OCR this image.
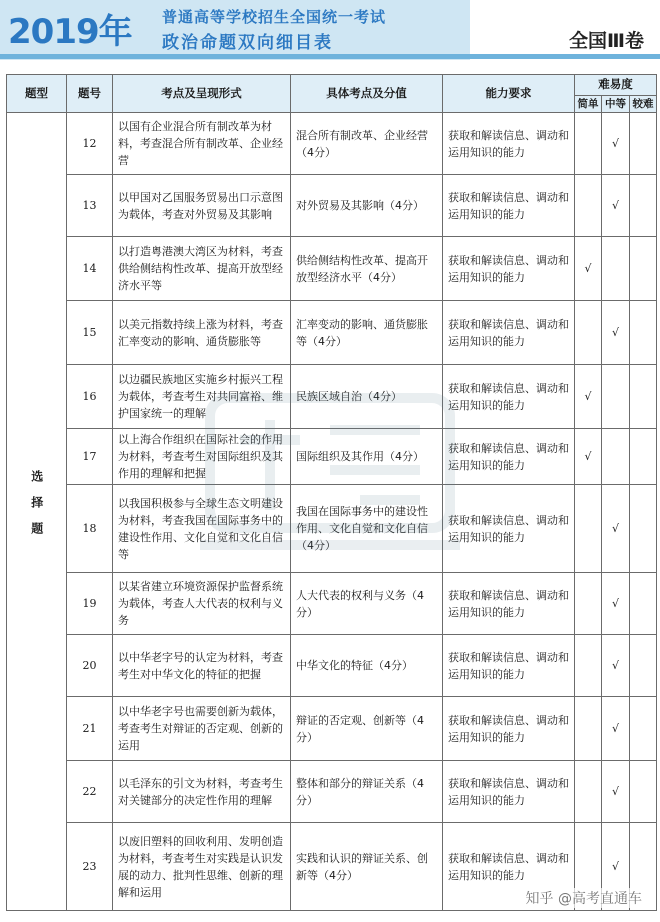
2019年 普通高等学校招生全国统一考试
政治命题双向细目表	全国Ⅲ卷
题型	题号	考点及呈现形式	具体考点及分值	能力要求	难易度		
					简单	中等	较难
选择题	12	以国有企业混合所有制改革为材料，考查混合所有制改革、企业经营	混合所有制改革、企业经营（4分）	获取和解读信息、调动和运用知识的能力		√	
	13	以甲国对乙国服务贸易出口示意图为载体，考查对外贸易及其影响	对外贸易及其影响（4分）	获取和解读信息、调动和运用知识的能力		√	
	14	以打造粤港澳大湾区为材料，考查供给侧结构性改革、提高开放型经济水平等	供给侧结构性改革、提高开放型经济水平（4分）	获取和解读信息、调动和运用知识的能力	√		
	15	以美元指数持续上涨为材料，考查汇率变动的影响、通货膨胀等	汇率变动的影响、通货膨胀等（4分）	获取和解读信息、调动和运用知识的能力		√	
	16	以边疆民族地区实施乡村振兴工程为载体，考查考生对共同富裕、维护国家统一的理解	民族区域自治（4分）	获取和解读信息、调动和运用知识的能力	√		
	17	以上海合作组织在国际社会的作用为材料，考查考生对国际组织及其作用的理解和把握	国际组织及其作用（4分）	获取和解读信息、调动和运用知识的能力	√		
	18	以我国积极参与全球生态文明建设为材料，考查我国在国际事务中的建设性作用、文化自觉和文化自信等	我国在国际事务中的建设性作用、文化自觉和文化自信（4分）	获取和解读信息、调动和运用知识的能力		√	
	19	以某省建立环境资源保护监督系统为载体，考查人大代表的权利与义务	人大代表的权利与义务（4分）	获取和解读信息、调动和运用知识的能力		√	
	20	以中华老字号的认定为材料，考查考生对中华文化的特征的把握	中华文化的特征（4分）	获取和解读信息、调动和运用知识的能力		√	
	21	以中华老字号也需要创新为载体，考查考生对辩证的否定观、创新的运用	辩证的否定观、创新等（4分）	获取和解读信息、调动和运用知识的能力		√	
	22	以毛泽东的引文为材料，考查考生对关键部分的决定性作用的理解	整体和部分的辩证关系（4分）	获取和解读信息、调动和运用知识的能力		√	
	23	以废旧塑料的回收利用、发明创造为材料，考查考生对实践是认识发展的动力、批判性思维、创新的理解和运用	实践和认识的辩证关系、创新等（4分）	获取和解读信息、调动和运用知识的能力		√	
知乎 @高考直通车
